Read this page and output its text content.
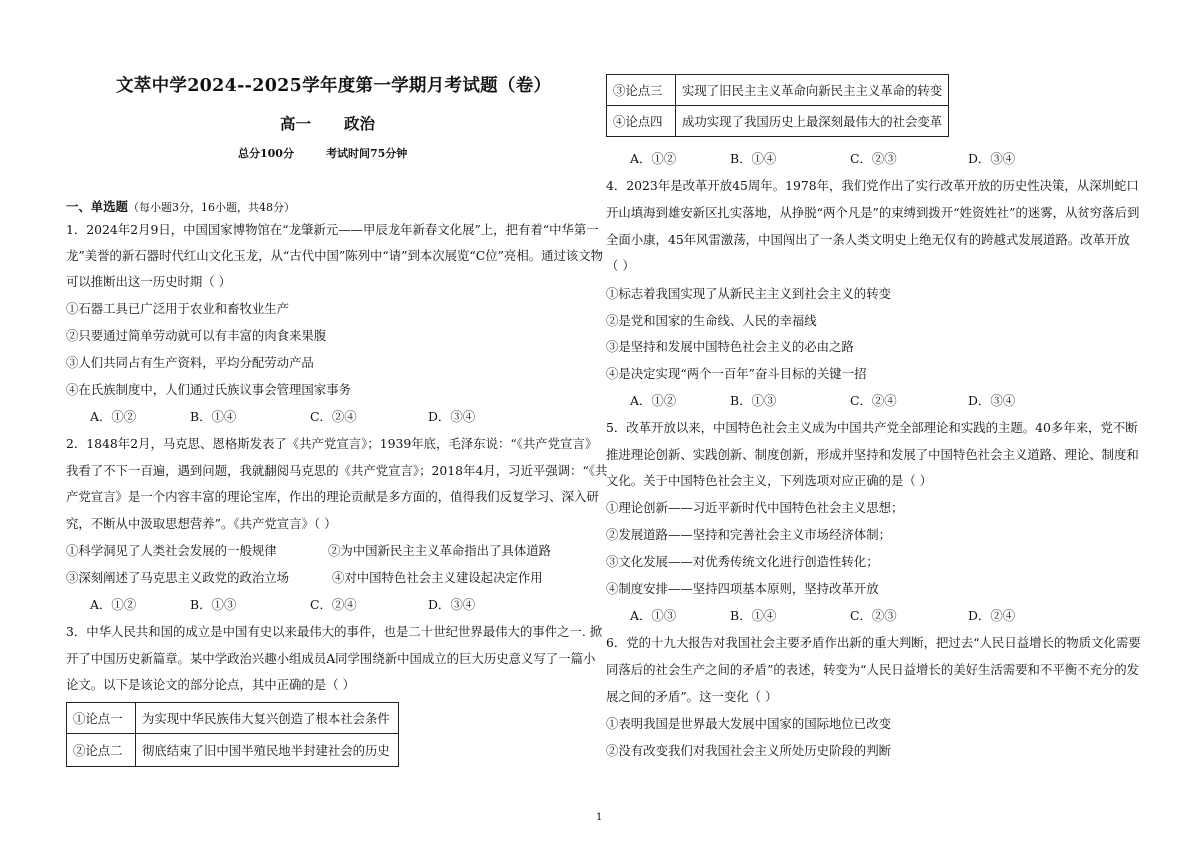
文萃中学2024--2025学年度第一学期月考试题（卷）
高一 政治
总分100分	考试时间75分钟
一、单选题（每小题3分，16小题，共48分）
1．2024年2月9日，中国国家博物馆在“龙肇新元——甲辰龙年新春文化展”上，把有着“中华第一
龙”美誉的新石器时代红山文化玉龙，从“古代中国”陈列中“请”到本次展览“C位”亮相。通过该文物
可以推断出这一历史时期（ ）
①石器工具已广泛用于农业和畜牧业生产
②只要通过简单劳动就可以有丰富的肉食来果腹
③人们共同占有生产资料，平均分配劳动产品
④在氏族制度中，人们通过氏族议事会管理国家事务
A．①②	B．①④	C．②④	D．③④
2．1848年2月，马克思、恩格斯发表了《共产党宣言》；1939年底，毛泽东说：“《共产党宣言》
我看了不下一百遍，遇到问题，我就翻阅马克思的《共产党宣言》；2018年4月，习近平强调：“《共
产党宣言》是一个内容丰富的理论宝库，作出的理论贡献是多方面的，值得我们反复学习、深入研
究，不断从中汲取思想营养”。《共产党宣言》（ ）
①科学洞见了人类社会发展的一般规律	②为中国新民主主义革命指出了具体道路
③深刻阐述了马克思主义政党的政治立场	④对中国特色社会主义建设起决定作用
A．①②	B．①③	C．②④	D．③④
3．中华人民共和国的成立是中国有史以来最伟大的事件，也是二十世纪世界最伟大的事件之一. 掀
开了中国历史新篇章。某中学政治兴趣小组成员A同学围绕新中国成立的巨大历史意义写了一篇小
论文。以下是该论文的部分论点，其中正确的是（ ）
①论点一	为实现中华民族伟大复兴创造了根本社会条件
②论点二	彻底结束了旧中国半殖民地半封建社会的历史
③论点三	实现了旧民主主义革命向新民主主义革命的转变
④论点四	成功实现了我国历史上最深刻最伟大的社会变革
A．①②	B．①④	C．②③	D．③④
4．2023年是改革开放45周年。1978年，我们党作出了实行改革开放的历史性决策，从深圳蛇口
开山填海到雄安新区扎实落地，从挣脱“两个凡是”的束缚到拨开“姓资姓社”的迷雾，从贫穷落后到
全面小康，45年风雷激荡，中国闯出了一条人类文明史上绝无仅有的跨越式发展道路。改革开放
（ ）
①标志着我国实现了从新民主主义到社会主义的转变
②是党和国家的生命线、人民的幸福线
③是坚持和发展中国特色社会主义的必由之路
④是决定实现“两个一百年”奋斗目标的关键一招
A．①②	B．①③	C．②④	D．③④
5．改革开放以来，中国特色社会主义成为中国共产党全部理论和实践的主题。40多年来，党不断
推进理论创新、实践创新、制度创新，形成并坚持和发展了中国特色社会主义道路、理论、制度和
文化。关于中国特色社会主义，下列选项对应正确的是（ ）
①理论创新——习近平新时代中国特色社会主义思想；
②发展道路——坚持和完善社会主义市场经济体制；
③文化发展——对优秀传统文化进行创造性转化；
④制度安排——坚持四项基本原则，坚持改革开放
A．①③	B．①④	C．②③	D．②④
6．党的十九大报告对我国社会主要矛盾作出新的重大判断，把过去“人民日益增长的物质文化需要
同落后的社会生产之间的矛盾”的表述，转变为“人民日益增长的美好生活需要和不平衡不充分的发
展之间的矛盾”。这一变化（ ）
①表明我国是世界最大发展中国家的国际地位已改变
②没有改变我们对我国社会主义所处历史阶段的判断
1
